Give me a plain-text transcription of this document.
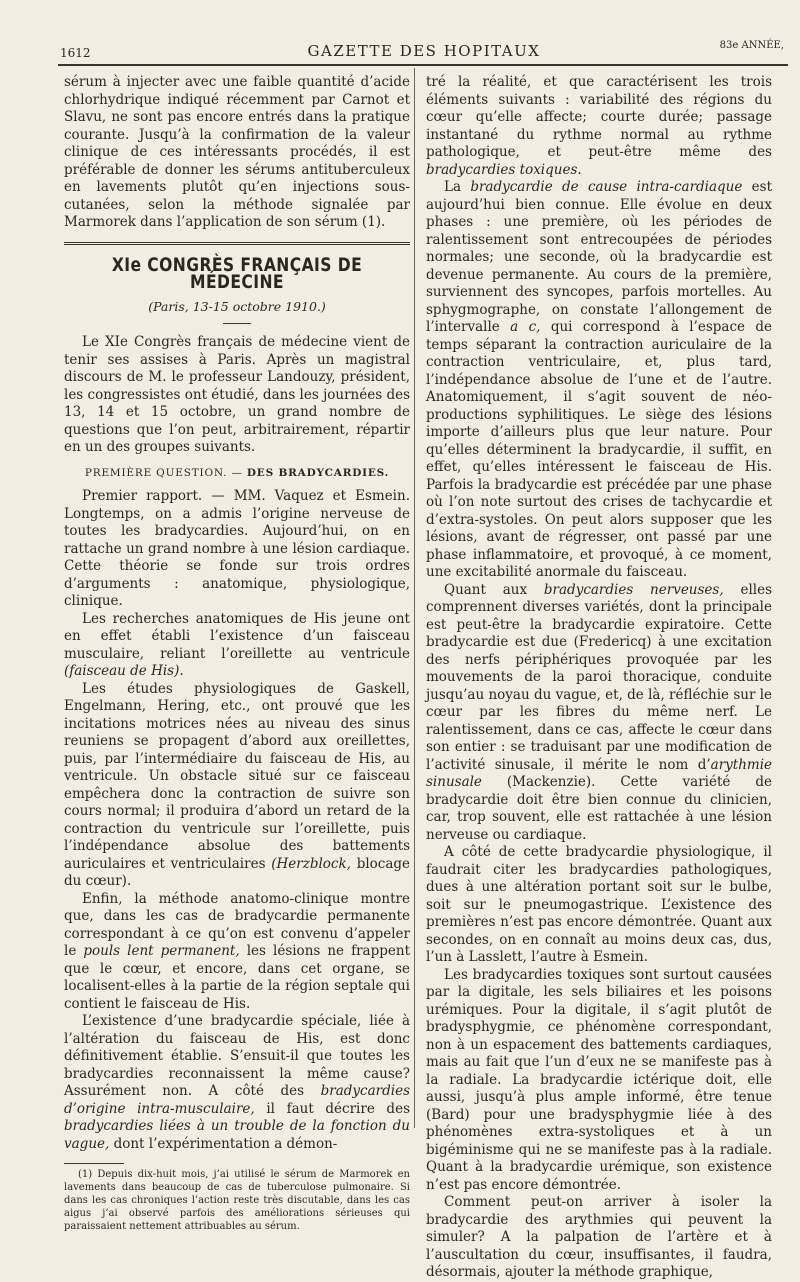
1612	GAZETTE DES HOPITAUX	83e ANNÉE,

sérum à injecter avec une faible quantité d’acide chlorhydrique indiqué récemment par Carnot et Slavu, ne sont pas encore entrés dans la pratique courante. Jusqu’à la confirmation de la valeur clinique de ces intéressants procédés, il est préférable de donner les sérums antituberculeux en lavements plutôt qu’en injections sous-cutanées, selon la méthode signalée par Marmorek dans l’application de son sérum (1).

XIe CONGRÈS FRANÇAIS DE MÉDECINE
(Paris, 13-15 octobre 1910.)

Le XIe Congrès français de médecine vient de tenir ses assises à Paris. Après un magistral discours de M. le professeur Landouzy, président, les congressistes ont étudié, dans les journées des 13, 14 et 15 octobre, un grand nombre de questions que l’on peut, arbitrairement, répartir en un des groupes suivants.

PREMIÈRE QUESTION. — DES BRADYCARDIES.

Premier rapport. — MM. Vaquez et Esmein. Longtemps, on a admis l’origine nerveuse de toutes les bradycardies. Aujourd’hui, on en rattache un grand nombre à une lésion cardiaque. Cette théorie se fonde sur trois ordres d’arguments : anatomique, physiologique, clinique.

Les recherches anatomiques de His jeune ont en effet établi l’existence d’un faisceau musculaire, reliant l’oreillette au ventricule (faisceau de His).

Les études physiologiques de Gaskell, Engelmann, Hering, etc., ont prouvé que les incitations motrices nées au niveau des sinus reuniens se propagent d’abord aux oreillettes, puis, par l’intermédiaire du faisceau de His, au ventricule. Un obstacle situé sur ce faisceau empêchera donc la contraction de suivre son cours normal; il produira d’abord un retard de la contraction du ventricule sur l’oreillette, puis l’indépendance absolue des battements auriculaires et ventriculaires (Herzblock, blocage du cœur).

Enfin, la méthode anatomo-clinique montre que, dans les cas de bradycardie permanente correspondant à ce qu’on est convenu d’appeler le pouls lent permanent, les lésions ne frappent que le cœur, et encore, dans cet organe, se localisent-elles à la partie de la région septale qui contient le faisceau de His.

L’existence d’une bradycardie spéciale, liée à l’altération du faisceau de His, est donc définitivement établie. S’ensuit-il que toutes les bradycardies reconnaissent la même cause? Assurément non. A côté des bradycardies d’origine intra-musculaire, il faut décrire des bradycardies liées à un trouble de la fonction du vague, dont l’expérimentation a démon-

(1) Depuis dix-huit mois, j’ai utilisé le sérum de Marmorek en lavements dans beaucoup de cas de tuberculose pulmonaire. Si dans les cas chroniques l’action reste très discutable, dans les cas aigus j’ai observé parfois des améliorations sérieuses qui paraissaient nettement attribuables au sérum.

tré la réalité, et que caractérisent les trois éléments suivants : variabilité des régions du cœur qu’elle affecte; courte durée; passage instantané du rythme normal au rythme pathologique, et peut-être même des bradycardies toxiques.

La bradycardie de cause intra-cardiaque est aujourd’hui bien connue. Elle évolue en deux phases : une première, où les périodes de ralentissement sont entrecoupées de périodes normales; une seconde, où la bradycardie est devenue permanente. Au cours de la première, surviennent des syncopes, parfois mortelles. Au sphygmographe, on constate l’allongement de l’intervalle a c, qui correspond à l’espace de temps séparant la contraction auriculaire de la contraction ventriculaire, et, plus tard, l’indépendance absolue de l’une et de l’autre. Anatomiquement, il s’agit souvent de néo-productions syphilitiques. Le siège des lésions importe d’ailleurs plus que leur nature. Pour qu’elles déterminent la bradycardie, il suffit, en effet, qu’elles intéressent le faisceau de His. Parfois la bradycardie est précédée par une phase où l’on note surtout des crises de tachycardie et d’extra-systoles. On peut alors supposer que les lésions, avant de régresser, ont passé par une phase inflammatoire, et provoqué, à ce moment, une excitabilité anormale du faisceau.

Quant aux bradycardies nerveuses, elles comprennent diverses variétés, dont la principale est peut-être la bradycardie expiratoire. Cette bradycardie est due (Fredericq) à une excitation des nerfs périphériques provoquée par les mouvements de la paroi thoracique, conduite jusqu’au noyau du vague, et, de là, réfléchie sur le cœur par les fibres du même nerf. Le ralentissement, dans ce cas, affecte le cœur dans son entier : se traduisant par une modification de l’activité sinusale, il mérite le nom d’arythmie sinusale (Mackenzie). Cette variété de bradycardie doit être bien connue du clinicien, car, trop souvent, elle est rattachée à une lésion nerveuse ou cardiaque.

A côté de cette bradycardie physiologique, il faudrait citer les bradycardies pathologiques, dues à une altération portant soit sur le bulbe, soit sur le pneumogastrique. L’existence des premières n’est pas encore démontrée. Quant aux secondes, on en connaît au moins deux cas, dus, l’un à Lasslett, l’autre à Esmein.

Les bradycardies toxiques sont surtout causées par la digitale, les sels biliaires et les poisons urémiques. Pour la digitale, il s’agit plutôt de bradysphygmie, ce phénomène correspondant, non à un espacement des battements cardiaques, mais au fait que l’un d’eux ne se manifeste pas à la radiale. La bradycardie ictérique doit, elle aussi, jusqu’à plus ample informé, être tenue (Bard) pour une bradysphygmie liée à des phénomènes extra-systoliques et à un bigéminisme qui ne se manifeste pas à la radiale. Quant à la bradycardie urémique, son existence n’est pas encore démontrée.

Comment peut-on arriver à isoler la bradycardie des arythmies qui peuvent la simuler? A la palpation de l’artère et à l’auscultation du cœur, insuffisantes, il faudra, désormais, ajouter la méthode graphique,
